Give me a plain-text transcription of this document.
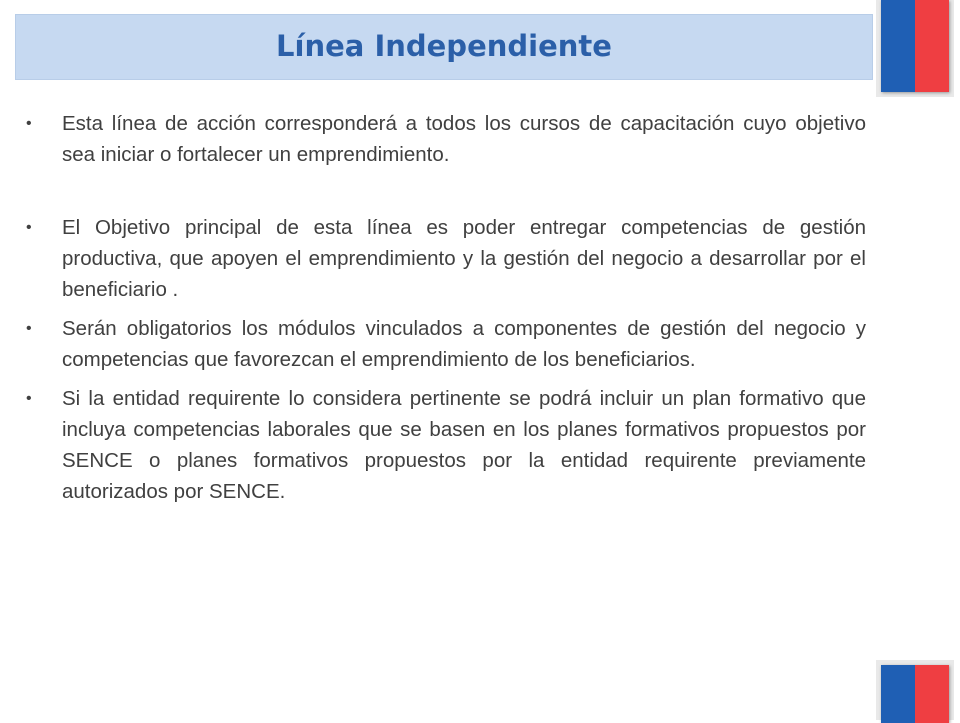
Línea Independiente
• Esta línea de acción corresponderá a todos los cursos de capacitación cuyo objetivo sea iniciar o fortalecer un emprendimiento.
• El Objetivo principal de esta línea es poder entregar competencias de gestión productiva, que apoyen el emprendimiento y la gestión del negocio a desarrollar por el beneficiario .
• Serán obligatorios los módulos vinculados a componentes de gestión del negocio y competencias que favorezcan el emprendimiento de los beneficiarios.
• Si la entidad requirente lo considera pertinente se podrá incluir un plan formativo que incluya competencias laborales que se basen en los planes formativos propuestos por SENCE o planes formativos propuestos por la entidad requirente previamente autorizados por SENCE.
